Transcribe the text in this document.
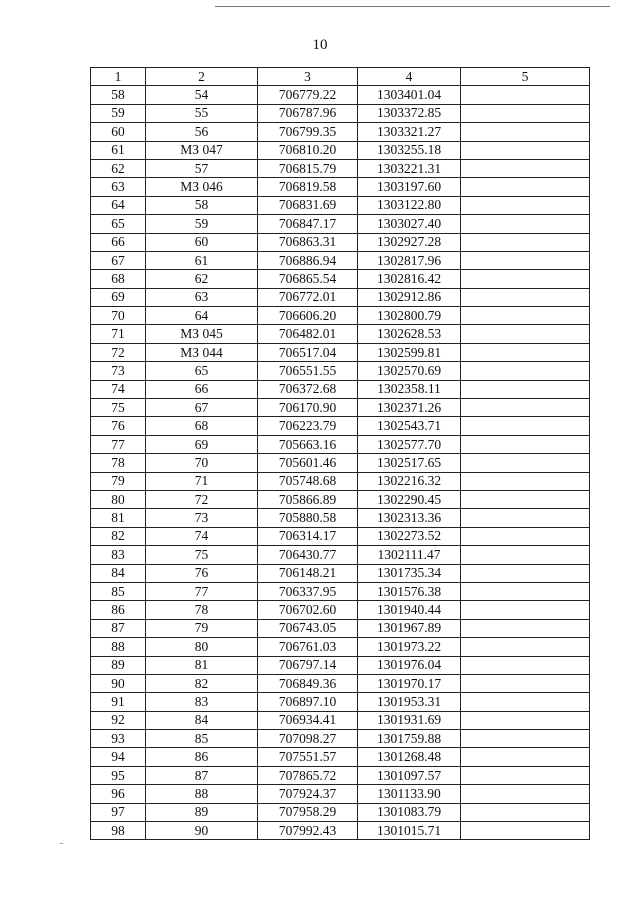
10
1	2	3	4	5
58	54	706779.22	1303401.04	
59	55	706787.96	1303372.85	
60	56	706799.35	1303321.27	
61	МЗ 047	706810.20	1303255.18	
62	57	706815.79	1303221.31	
63	МЗ 046	706819.58	1303197.60	
64	58	706831.69	1303122.80	
65	59	706847.17	1303027.40	
66	60	706863.31	1302927.28	
67	61	706886.94	1302817.96	
68	62	706865.54	1302816.42	
69	63	706772.01	1302912.86	
70	64	706606.20	1302800.79	
71	МЗ 045	706482.01	1302628.53	
72	МЗ 044	706517.04	1302599.81	
73	65	706551.55	1302570.69	
74	66	706372.68	1302358.11	
75	67	706170.90	1302371.26	
76	68	706223.79	1302543.71	
77	69	705663.16	1302577.70	
78	70	705601.46	1302517.65	
79	71	705748.68	1302216.32	
80	72	705866.89	1302290.45	
81	73	705880.58	1302313.36	
82	74	706314.17	1302273.52	
83	75	706430.77	1302111.47	
84	76	706148.21	1301735.34	
85	77	706337.95	1301576.38	
86	78	706702.60	1301940.44	
87	79	706743.05	1301967.89	
88	80	706761.03	1301973.22	
89	81	706797.14	1301976.04	
90	82	706849.36	1301970.17	
91	83	706897.10	1301953.31	
92	84	706934.41	1301931.69	
93	85	707098.27	1301759.88	
94	86	707551.57	1301268.48	
95	87	707865.72	1301097.57	
96	88	707924.37	1301133.90	
97	89	707958.29	1301083.79	
98	90	707992.43	1301015.71	
